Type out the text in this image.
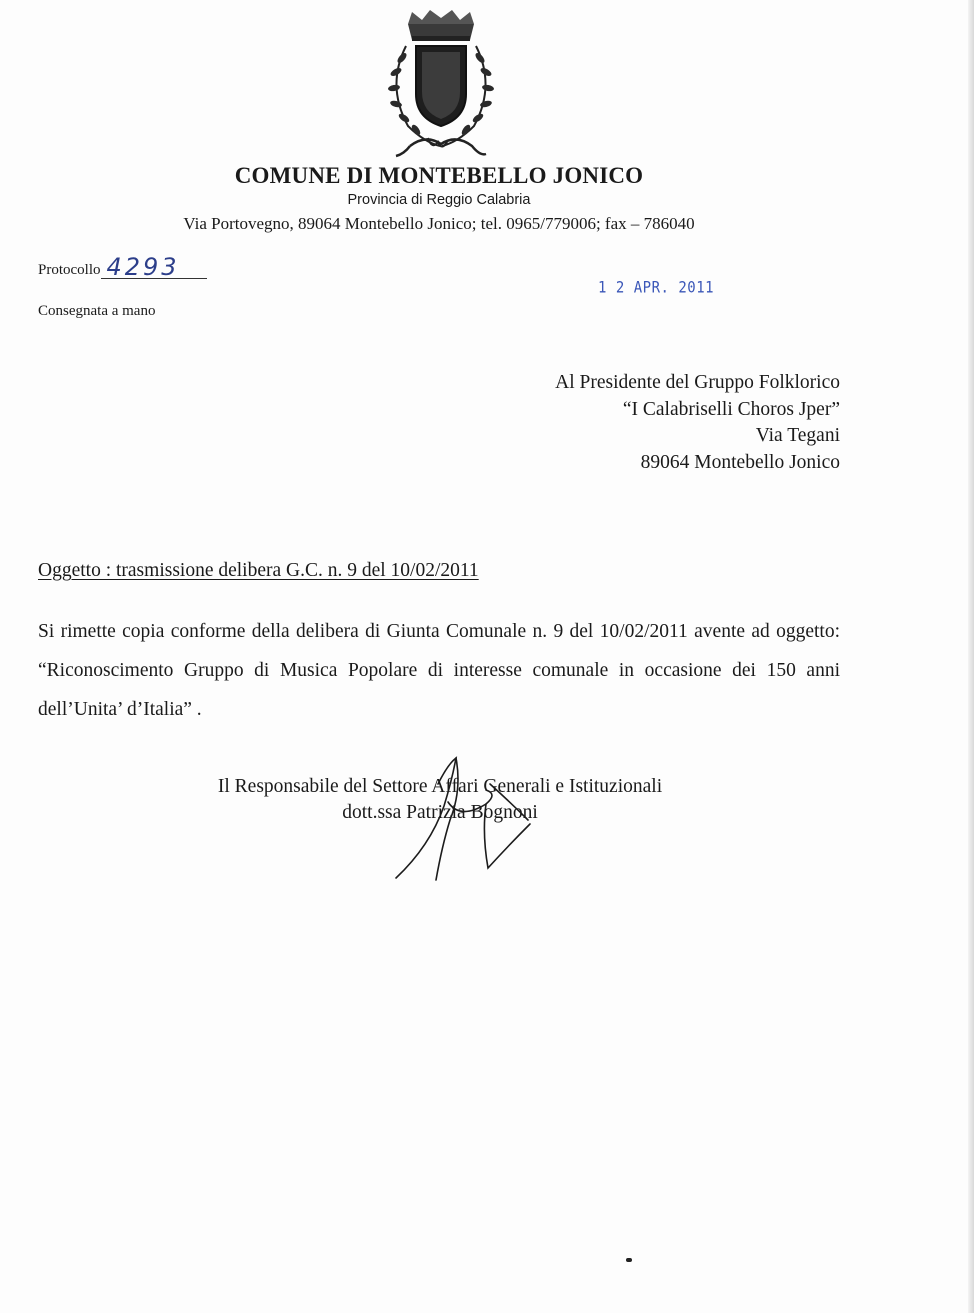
COMUNE DI MONTEBELLO JONICO
Provincia di Reggio Calabria
Via Portovegno, 89064 Montebello Jonico; tel. 0965/779006; fax – 786040
Protocollo 4293
1 2 APR. 2011
Consegnata a mano
Al Presidente del Gruppo Folklorico
“I Calabriselli Choros Jper”
Via Tegani
89064 Montebello Jonico
Oggetto : trasmissione delibera G.C. n. 9 del 10/02/2011
Si rimette copia conforme della delibera di Giunta Comunale n. 9 del 10/02/2011 avente ad oggetto: “Riconoscimento Gruppo di Musica Popolare di interesse comunale in occasione dei 150 anni dell’Unita’ d’Italia” .
Il Responsabile del Settore Affari Generali e Istituzionali
dott.ssa Patrizia Bognoni
